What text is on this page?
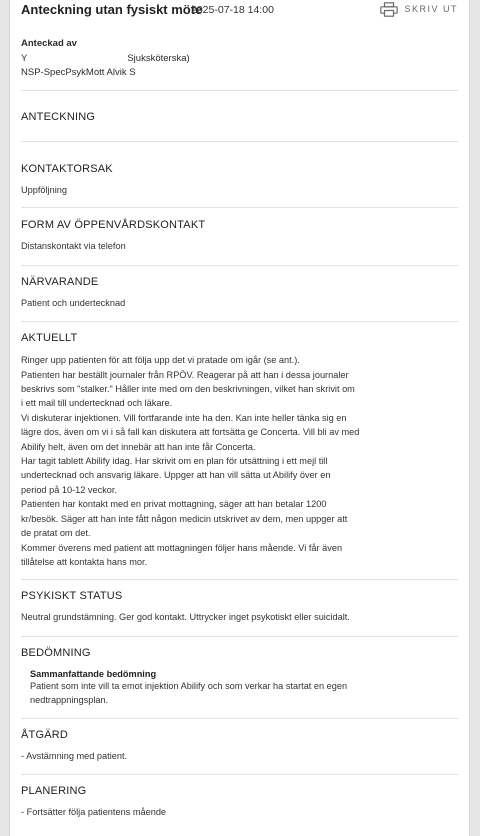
Anteckning utan fysiskt möte
2025-07-18 14:00	SKRIV UT
Anteckad av
Y	Sjuksköterska)
NSP-SpecPsykMott Alvik S
ANTECKNING
KONTAKTORSAK
Uppföljning
FORM AV ÖPPENVÅRDSKONTAKT
Distanskontakt via telefon
NÄRVARANDE
Patient och undertecknad
AKTUELLT
Ringer upp patienten för att följa upp det vi pratade om igår (se ant.).
Patienten har beställt journaler från RPÖV. Reagerar på att han i dessa journaler
beskrivs som "stalker." Håller inte med om den beskrivningen, vilket han skrivit om
i ett mail till undertecknad och läkare.
Vi diskuterar injektionen. Vill fortfarande inte ha den. Kan inte heller tänka sig en
lägre dos, även om vi i så fall kan diskutera att fortsätta ge Concerta. Vill bli av med
Abilify helt, även om det innebär att han inte får Concerta.
Har tagit tablett Abilify idag. Har skrivit om en plan för utsättning i ett mejl till
undertecknad och ansvarig läkare. Uppger att han vill sätta ut Abilify över en
period på 10-12 veckor.
Patienten har kontakt med en privat mottagning, säger att han betalar 1200
kr/besök. Säger att han inte fått någon medicin utskrivet av dem, men uppger att
de pratat om det.
Kommer överens med patient att mottagningen följer hans mående. Vi får även
tillåtelse att kontakta hans mor.
PSYKISKT STATUS
Neutral grundstämning. Ger god kontakt. Uttrycker inget psykotiskt eller suicidalt.
BEDÖMNING
Sammanfattande bedömning
Patient som inte vill ta emot injektion Abilify och som verkar ha startat en egen
nedtrappningsplan.
ÅTGÄRD
- Avstämning med patient.
PLANERING
- Fortsätter följa patientens mående
